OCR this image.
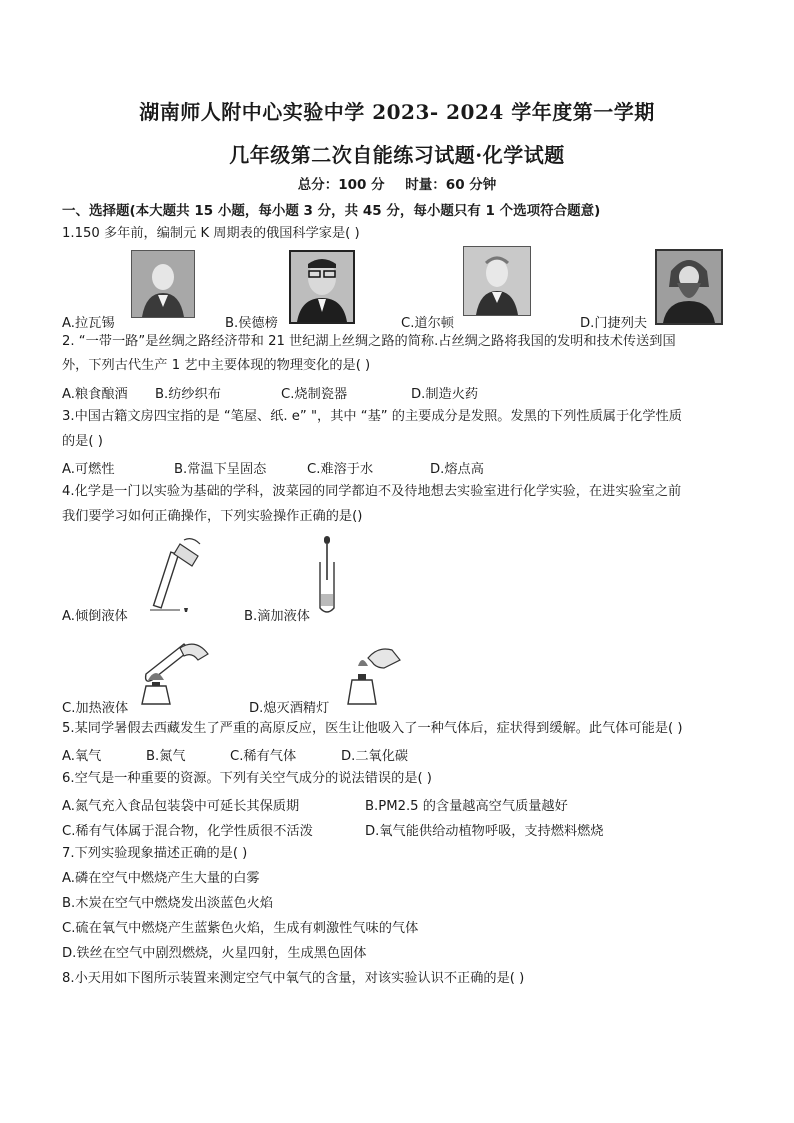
湖南师人附中心实验中学 2023- 2024 学年度第一学期
几年级第二次自能练习试题·化学试题
总分：100 分 时量：60 分钟
一、选择题(本大题共 15 小题，每小题 3 分，共 45 分，每小题只有 1 个选项符合题意)
1.150 多年前，编制元 K 周期表的俄国科学家是( )
A.拉瓦锡	B.侯德榜	C.道尔顿	D.门捷列夫
2. “一带一路”是丝绸之路经济带和 21 世纪湖上丝绸之路的简称.占丝绸之路将我国的发明和技术传送到国
外，下列古代生产 1 艺中主要体现的物理变化的是( )
A.粮食酿酒 B.纺纱织布	C.烧制瓷器	D.制造火药
3.中国古籍文房四宝指的是 “笔屋、纸. e” "，其中 “基” 的主要成分是发照。发黑的下列性质属于化学性质
的是( )
A.可燃性	B.常温下呈固态	C.难溶于水	D.熔点高
4.化学是一门以实验为基础的学科，波菜园的同学都迫不及待地想去实验室进行化学实验，在进实验室之前
我们要学习如何正确操作，下列实验操作正确的是()
A.倾倒液体	B.滴加液体
C.加热液体	D.熄灭酒精灯
5.某同学暑假去西藏发生了严重的高原反应，医生让他吸入了一种气体后，症状得到缓解。此气体可能是( )
A.氧气	B.氮气	C.稀有气体	D.二氧化碳
6.空气是一种重要的资源。下列有关空气成分的说法错误的是( )
A.氮气充入食品包装袋中可延长其保质期	B.PM2.5 的含量越高空气质量越好
C.稀有气体属于混合物，化学性质很不活泼	D.氧气能供给动植物呼吸，支持燃料燃烧
7.下列实验现象描述正确的是( )
A.磷在空气中燃烧产生大量的白雾
B.木炭在空气中燃烧发出淡蓝色火焰
C.硫在氧气中燃烧产生蓝紫色火焰，生成有刺激性气味的气体
D.铁丝在空气中剧烈燃烧，火星四射，生成黑色固体
8.小天用如下图所示装置来测定空气中氧气的含量，对该实验认识不正确的是( )
